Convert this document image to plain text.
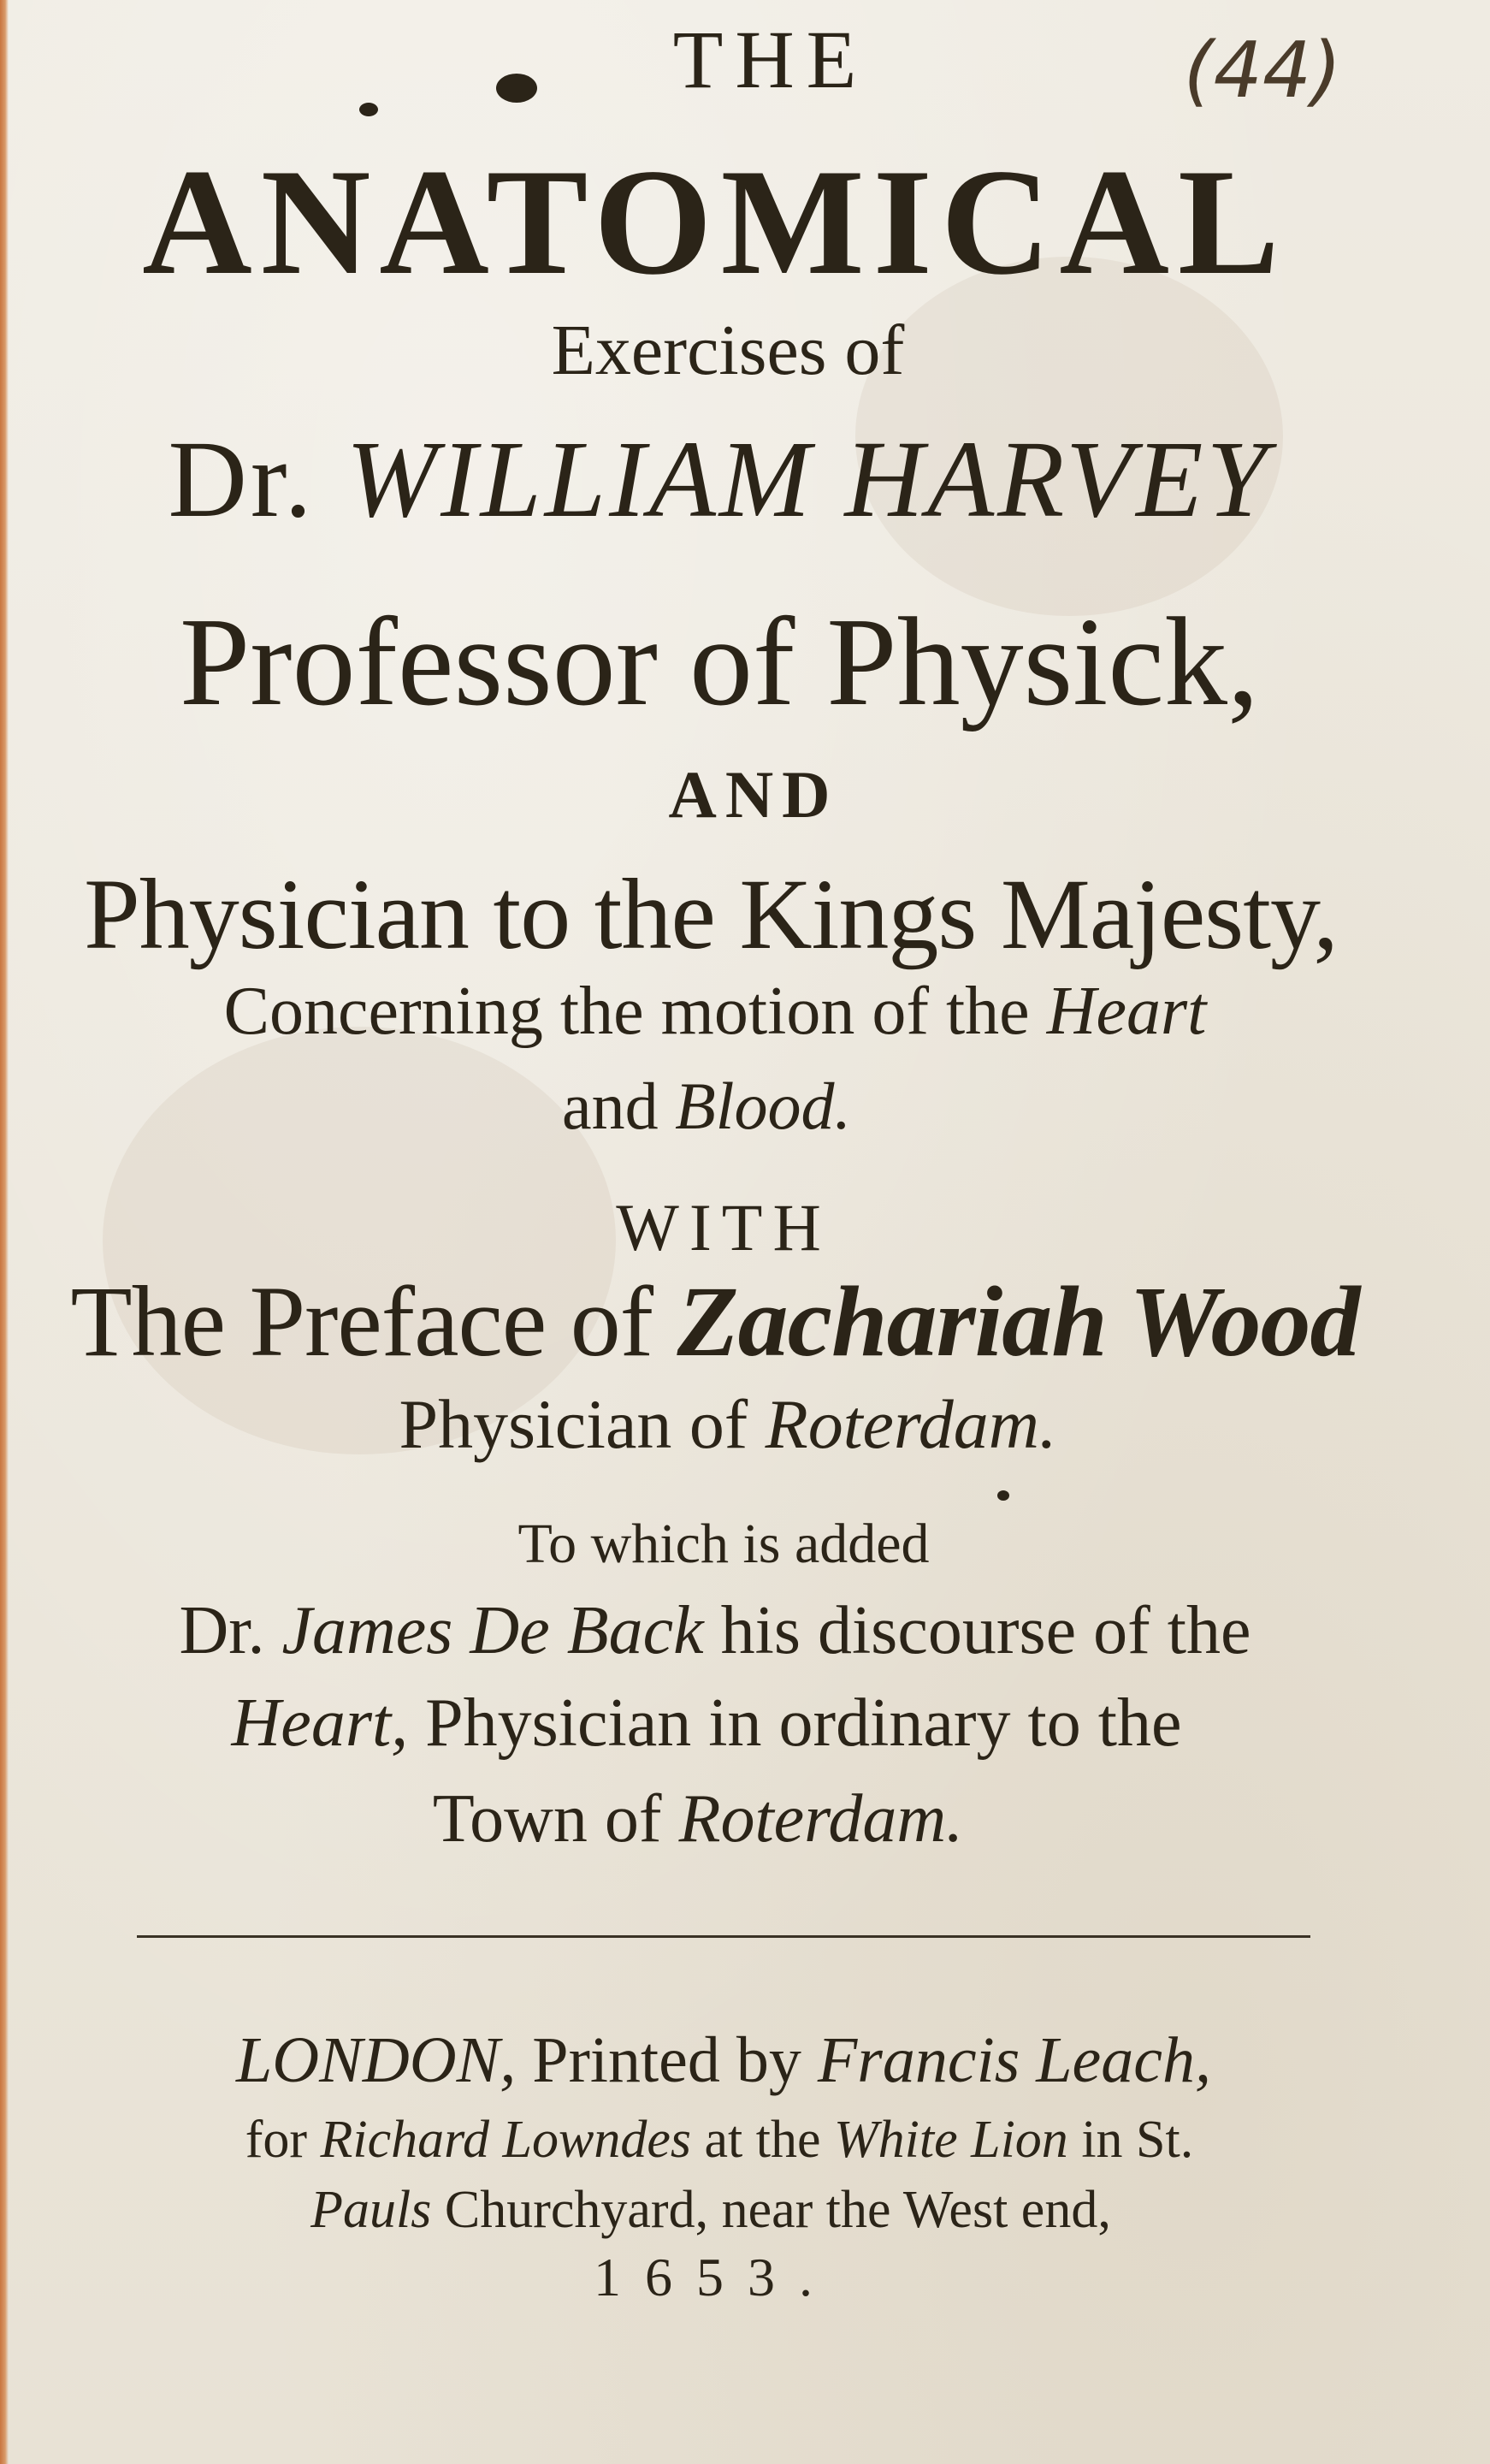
(44)
THE
ANATOMICAL
Exercises of
Dr. WILLIAM HARVEY
Professor of Physick,
AND
Physician to the Kings Majesty,
Concerning the motion of the Heart
and Blood.
WITH
The Preface of Zachariah Wood
Physician of Roterdam.
To which is added
Dr. James De Back his discourse of the
Heart, Physician in ordinary to the
Town of Roterdam.
LONDON, Printed by Francis Leach,
for Richard Lowndes at the White Lion in St.
Pauls Churchyard, near the West end,
1653.
